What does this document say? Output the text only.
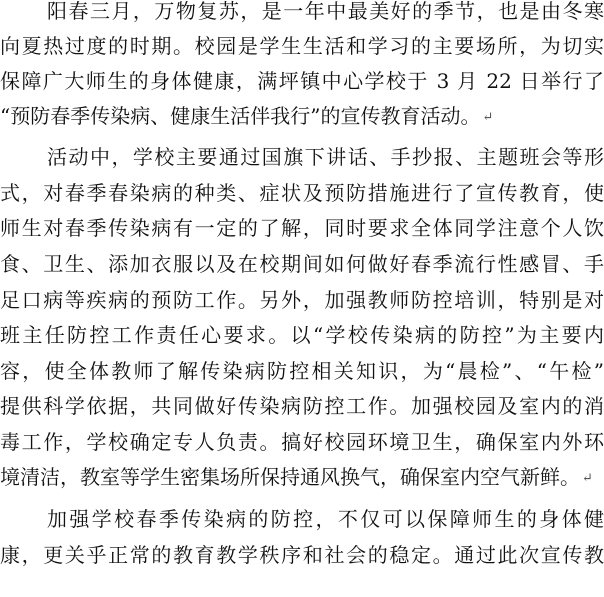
阳春三月，万物复苏，是一年中最美好的季节，也是由冬寒
向夏热过度的时期。校园是学生生活和学习的主要场所，为切实
保障广大师生的身体健康，满坪镇中心学校于 3 月 22 日举行了
“预防春季传染病、健康生活伴我行”的宣传教育活动。 ↵
活动中，学校主要通过国旗下讲话、手抄报、主题班会等形
式，对春季春染病的种类、症状及预防措施进行了宣传教育，使
师生对春季传染病有一定的了解，同时要求全体同学注意个人饮
食、卫生、添加衣服以及在校期间如何做好春季流行性感冒、手
足口病等疾病的预防工作。另外，加强教师防控培训，特别是对
班主任防控工作责任心要求。以“学校传染病的防控”为主要内
容，使全体教师了解传染病防控相关知识，为“晨检”、“午检”
提供科学依据，共同做好传染病防控工作。加强校园及室内的消
毒工作，学校确定专人负责。搞好校园环境卫生，确保室内外环
境清洁，教室等学生密集场所保持通风换气，确保室内空气新鲜。 ↵
加强学校春季传染病的防控，不仅可以保障师生的身体健
康，更关乎正常的教育教学秩序和社会的稳定。通过此次宣传教
